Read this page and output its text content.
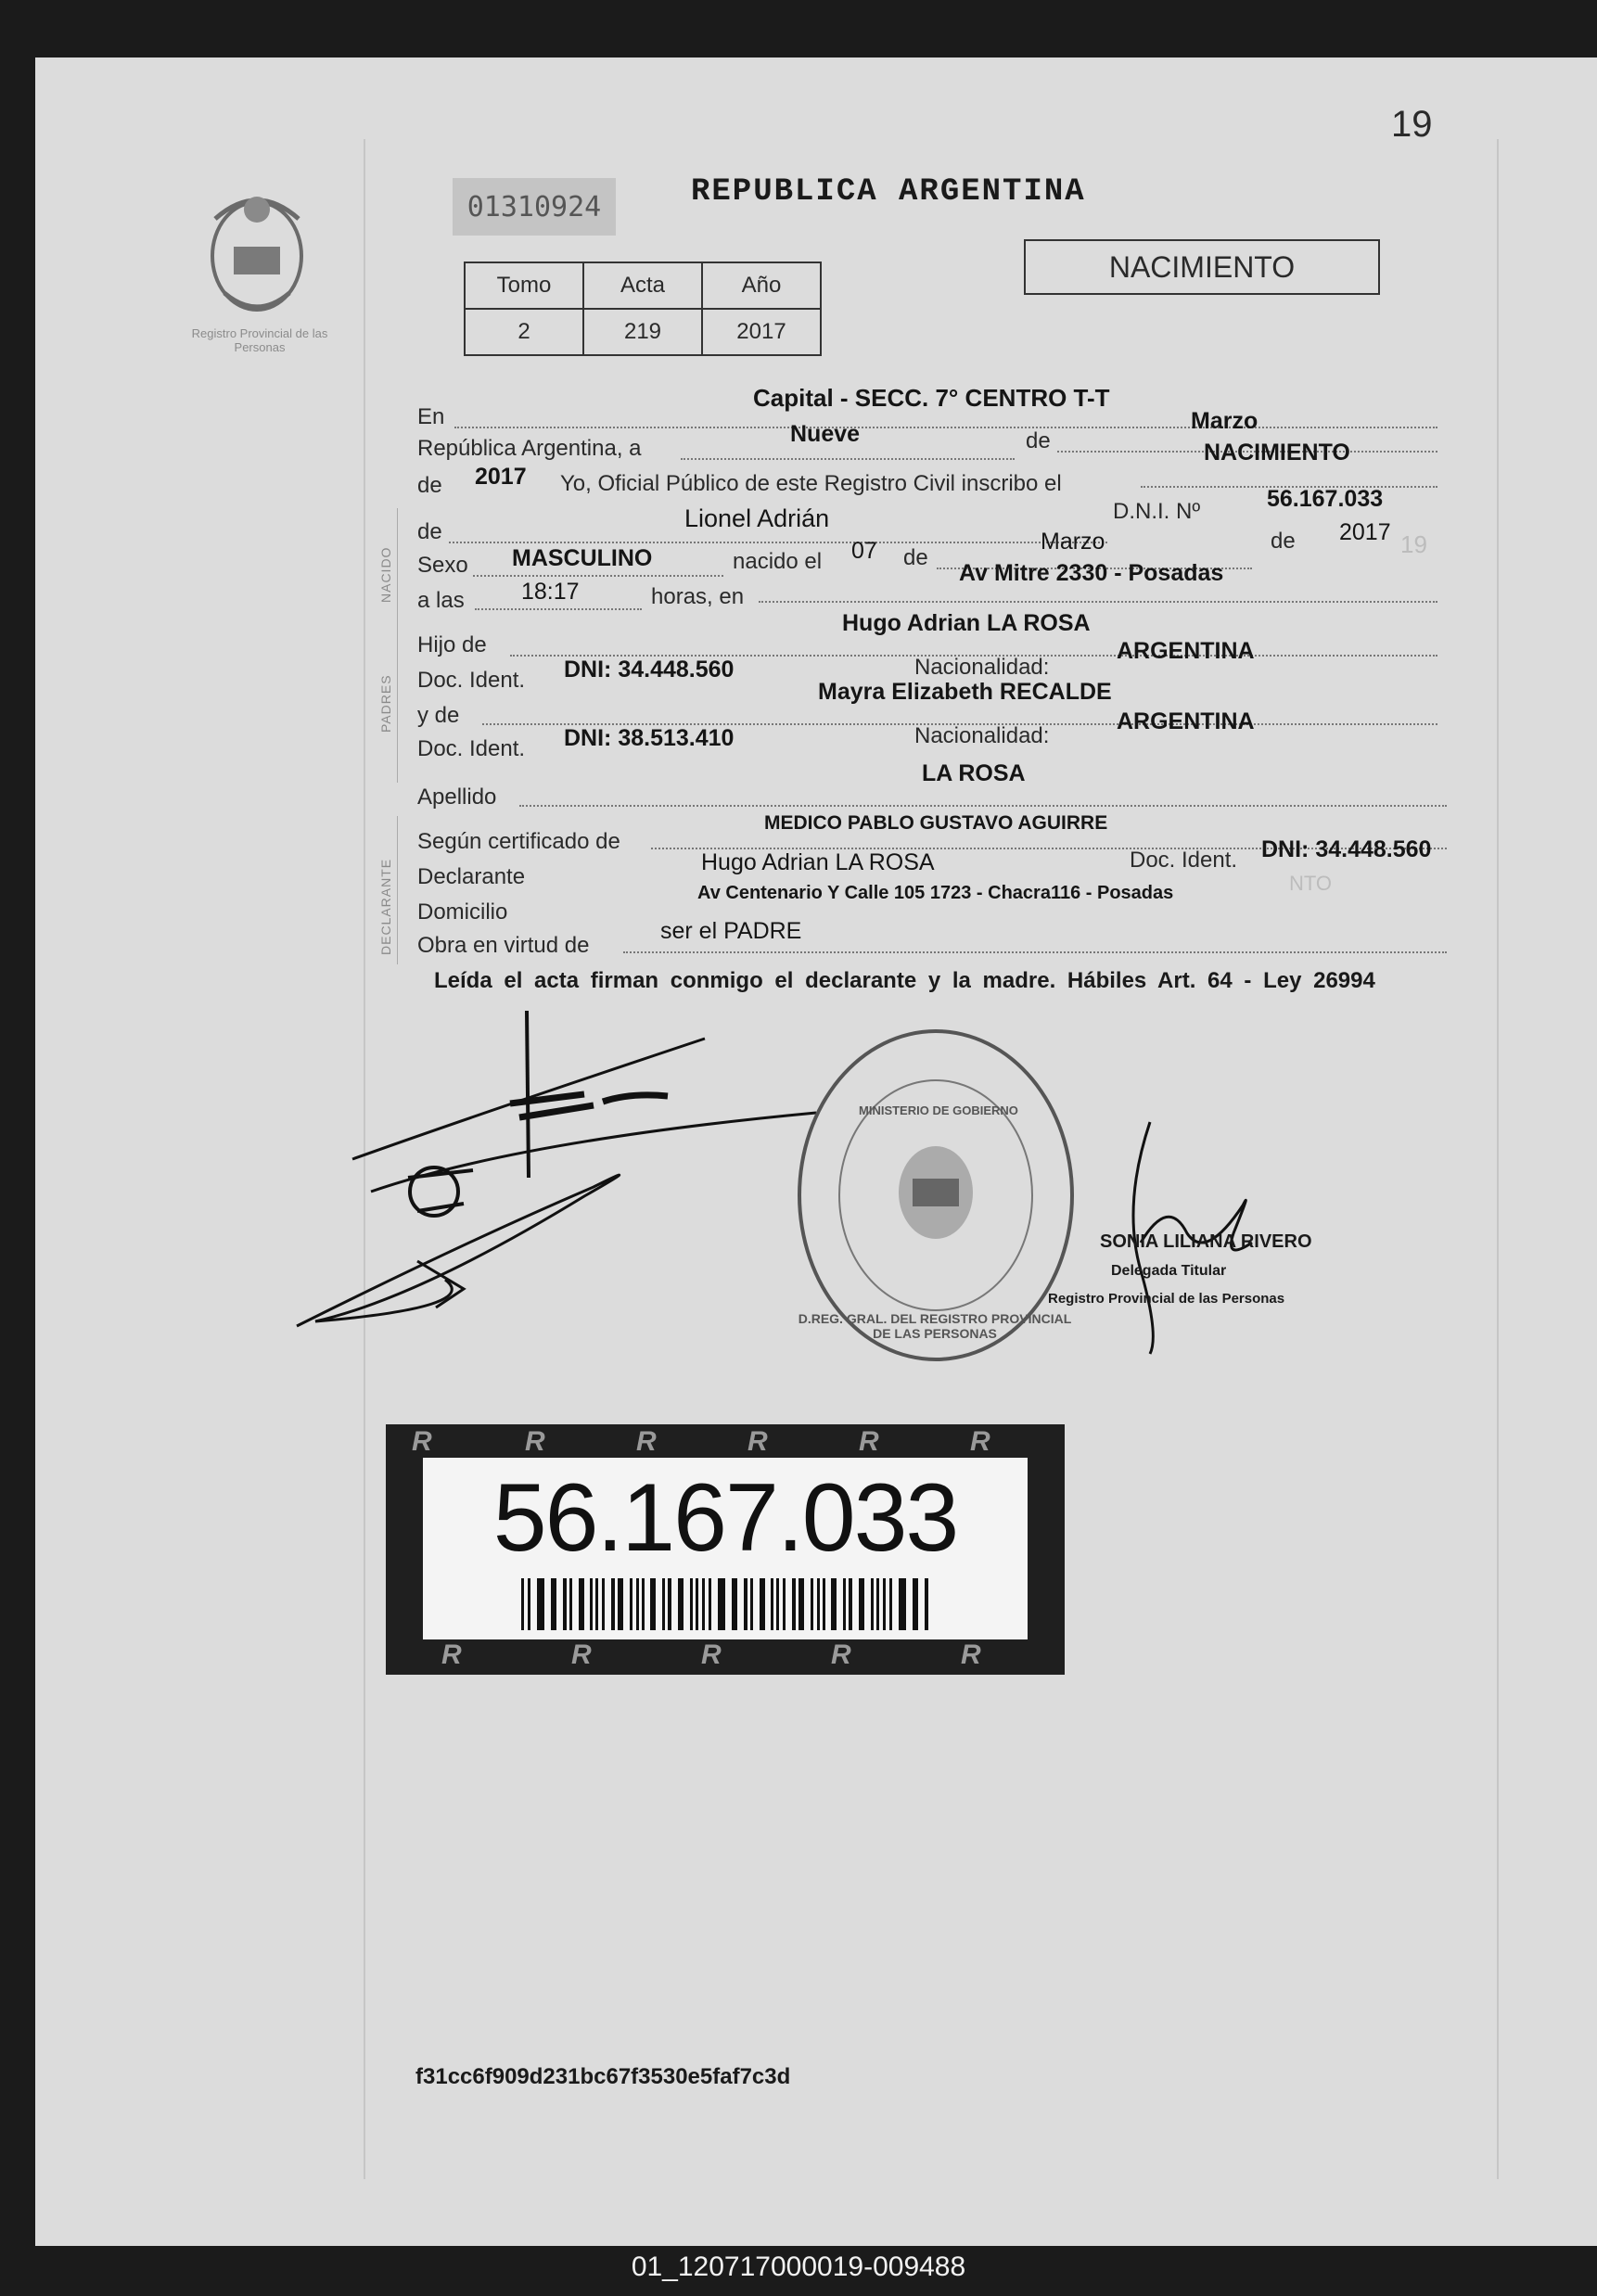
Registro Provincial de las Personas
19
01310924	REPUBLICA ARGENTINA
Tomo	Acta	Año
2	219	2017
NACIMIENTO
NACIDO
PADRES
DECLARANTE
En
Capital - SECC. 7° CENTRO T-T
República Argentina, a
Nueve	de
Marzo
de 2017 Yo, Oficial Público de este Registro Civil inscribo el
NACIMIENTO
de	Lionel Adrián	D.N.I. Nº	56.167.033
Sexo MASCULINO	nacido el 07 de
Marzo	de 2017 19
a las 18:17	horas, en
Av Mitre 2330 - Posadas
Hijo de
Hugo Adrian LA ROSA
Doc. Ident. DNI: 34.448.560	Nacionalidad:
ARGENTINA
y de
Mayra Elizabeth RECALDE
Doc. Ident. DNI: 38.513.410	Nacionalidad:
ARGENTINA
Apellido
LA ROSA
Según certificado de
MEDICO PABLO GUSTAVO AGUIRRE
Declarante
Hugo Adrian LA ROSA	Doc. Ident. DNI: 34.448.560
Domicilio
Av Centenario Y Calle 105 1723 - Chacra116 - Posadas	NTO
Obra en virtud de
ser el PADRE
Leída el acta firman conmigo el declarante y la madre. Hábiles Art. 64 - Ley 26994
MINISTERIO DE GOBIERNO
D.REG. GRAL. DEL REGISTRO PROVINCIAL DE LAS PERSONAS
SONIA LILIANA RIVERO
Delegada Titular
Registro Provincial de las Personas
R	R	R	R	R	R
R	R	R	R	R
56.167.033
f31cc6f909d231bc67f3530e5faf7c3d
01_120717000019-009488
